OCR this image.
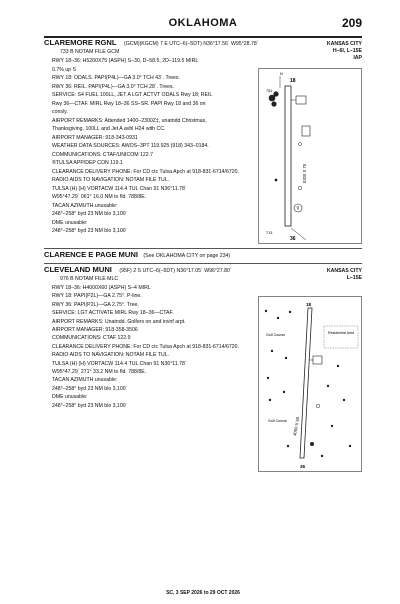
OKLAHOMA	209
CLAREMORE RGNL (GCM)(KGCM) 7 E UTC–6(–5DT) N36°17.56´ W95°28.78´
733 B NOTAM FILE GCM
KANSAS CITY
H–6I, L–15E
IAP
RWY 18–36: H5200X75 (ASPH) S–30, D–58.5, 2D–119.5 MIRL
0.7% up S
RWY 18: ODALS. PAPI(P4L)—GA 3.0° TCH 43´. Trees.
RWY 36: REIL. PAPI(P4L)—GA 3.0° TCH 28´. Trees.
SERVICE: S4 FUEL 100LL, JET A LGT ACTVT ODALS Rwy 18; REIL
Rwy 36—CTAF. MIRL Rwy 18–36 SS–SR. PAPI Rwy 18 and 36 on
consly.
AIRPORT REMARKS: Attended 1400–2300Z‡, unatndd Christmas,
Thanksgiving. 100LL and Jet A avbl H24 with CC.
AIRPORT MANAGER: 918-343-0931
WEATHER DATA SOURCES: AWOS–3PT 119.925 (918) 343–0184.
COMMUNICATIONS: CTAF/UNICOM 122.7
®TULSA APP/DEP CON 119.1
CLEARANCE DELIVERY PHONE: For CD ctc Tulsa Apch at 918-831-6714/6720.
RADIO AIDS TO NAVIGATION: NOTAM FILE TUL.
TULSA (H) (H) VORTACW 114.4 TUL Chan 91 N36°11.78´
W95°47.29´ 061° 16.0 NM to fld. 788/8E.
TACAN AZIMUTH unusable:
248°–258° byd 23 NM blo 3,100´
DME unusable:
248°–258° byd 23 NM blo 3,100´
N
18
36
5200 X 75
751
713
∇
CLARENCE E PAGE MUNI (See OKLAHOMA CITY on page 234)
CLEVELAND MUNI (95F) 2 S UTC–6(–5DT) N36°17.05´ W96°27.80´
976 B NOTAM FILE MLC
KANSAS CITY
L–15E
RWY 18–36: H4000X60 (ASPH) S–4 MIRL
RWY 18: PAPI(P2L)—GA 2.75°. P-line.
RWY 36: PAPI(P2L)—GA 2.75°. Tree.
SERVICE: LGT ACTIVATE MIRL Rwy 18–36—CTAF.
AIRPORT REMARKS: Unatndd. Golfers on and invof arpt.
AIRPORT MANAGER: 918-358-3506
COMMUNICATIONS: CTAF 122.9
CLEARANCE DELIVERY PHONE: For CD ctc Tulsa Apch at 918-831-6714/6720.
RADIO AIDS TO NAVIGATION: NOTAM FILE TUL.
TULSA (H) (H) VORTACW 114.4 TUL Chan 91 N36°11.78´
W95°47.29´ 271° 33.2 NM to fld. 788/8E.
TACAN AZIMUTH unusable:
248°–258° byd 23 NM blo 3,100´
DME unusable:
248°–258° byd 23 NM blo 3,100´
18
36
4000 X 60
Golf Course
Golf Course
Residential Area
SC, 3 SEP 2026 to 29 OCT 2026
